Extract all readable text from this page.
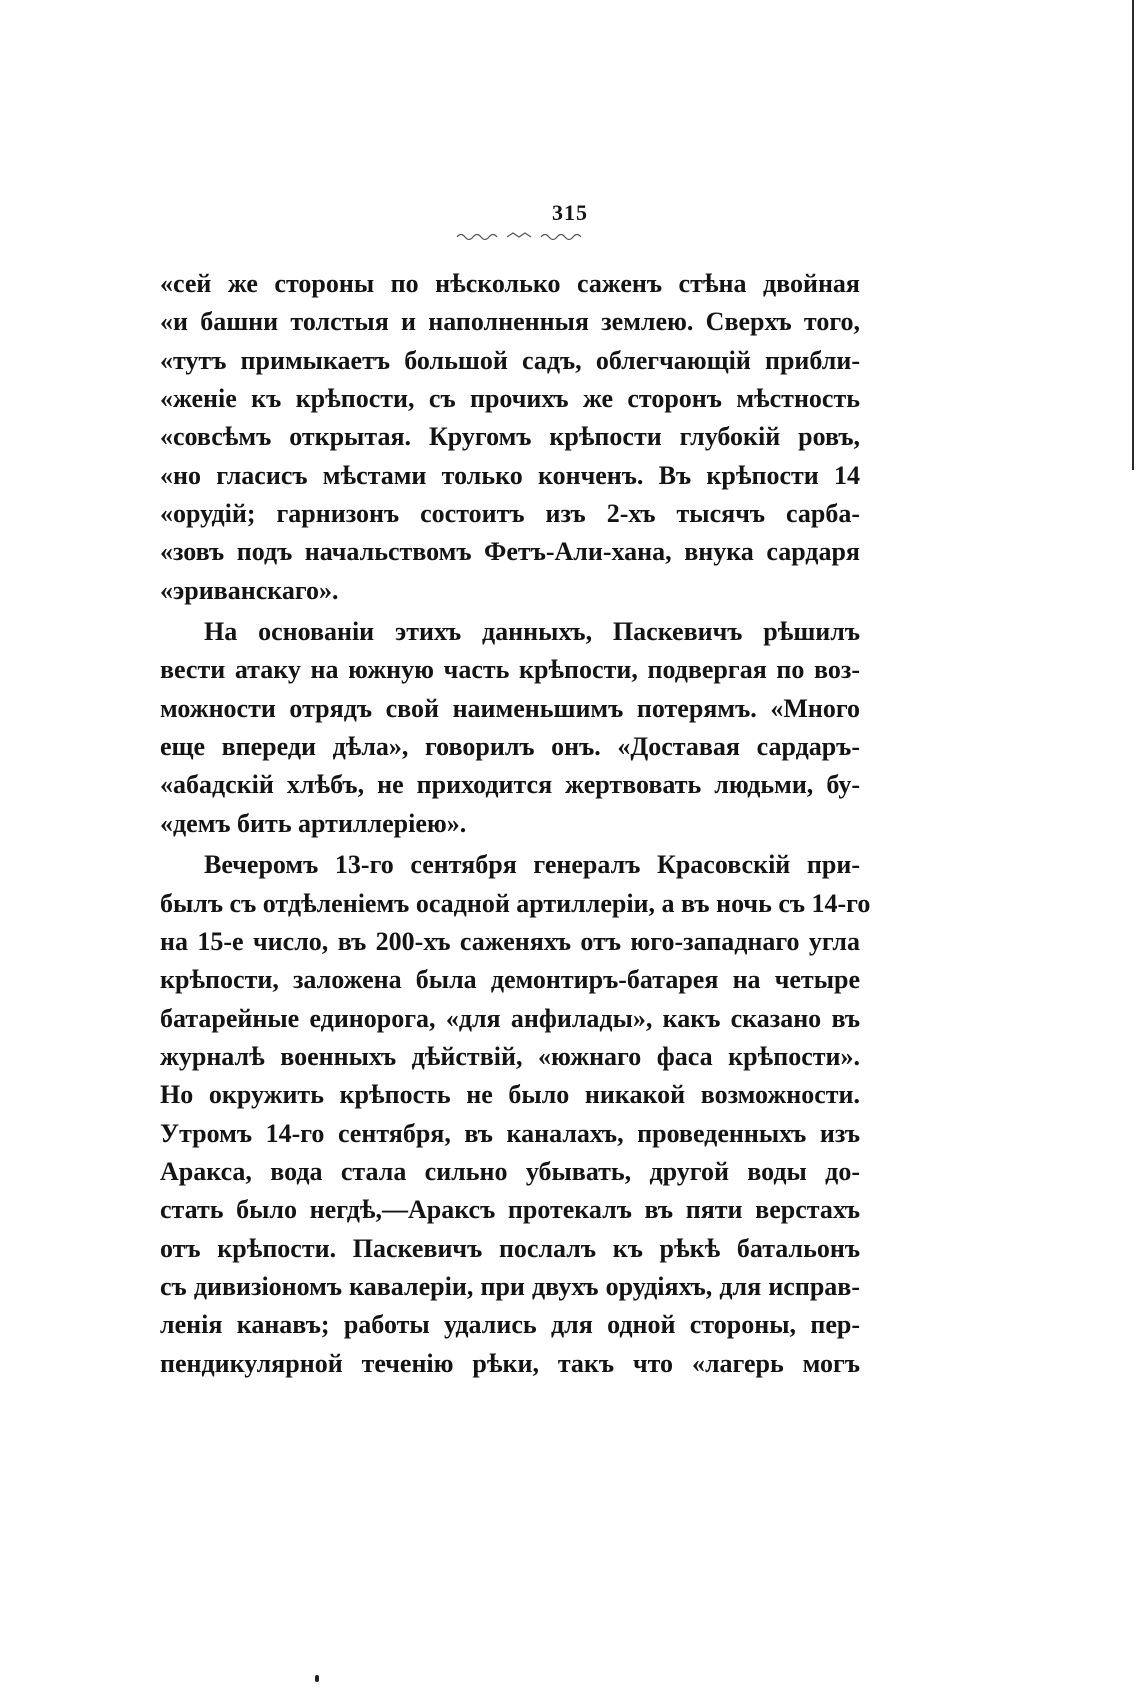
315
«сей же стороны по нѣсколько саженъ стѣна двойная
«и башни толстыя и наполненныя землею. Сверхъ того,
«тутъ примыкаетъ большой садъ, облегчающій прибли-
«женіе къ крѣпости, съ прочихъ же сторонъ мѣстность
«совсѣмъ открытая. Кругомъ крѣпости глубокій ровъ,
«но гласисъ мѣстами только конченъ. Въ крѣпости 14
«орудій; гарнизонъ состоитъ изъ 2-хъ тысячъ сарба-
«зовъ подъ начальствомъ Фетъ-Али-хана, внука сардаря
«эриванскаго».
На основаніи этихъ данныхъ, Паскевичъ рѣшилъ
вести атаку на южную часть крѣпости, подвергая по воз-
можности отрядъ свой наименьшимъ потерямъ. «Много
еще впереди дѣла», говорилъ онъ. «Доставая сардаръ-
«абадскій хлѣбъ, не приходится жертвовать людьми, бу-
«демъ бить артиллеріею».
Вечеромъ 13-го сентября генералъ Красовскій при-
былъ съ отдѣленіемъ осадной артиллеріи, а въ ночь съ 14-го
на 15-е число, въ 200-хъ саженяхъ отъ юго-западнаго угла
крѣпости, заложена была демонтиръ-батарея на четыре
батарейные единорога, «для анфилады», какъ сказано въ
журналѣ военныхъ дѣйствій, «южнаго фаса крѣпости».
Но окружить крѣпость не было никакой возможности.
Утромъ 14-го сентября, въ каналахъ, проведенныхъ изъ
Аракса, вода стала сильно убывать, другой воды до-
стать было негдѣ,—Араксъ протекалъ въ пяти верстахъ
отъ крѣпости. Паскевичъ послалъ къ рѣкѣ батальонъ
съ дивизіономъ кавалеріи, при двухъ орудіяхъ, для исправ-
ленія канавъ; работы удались для одной стороны, пер-
пендикулярной теченію рѣки, такъ что «лагерь могъ
